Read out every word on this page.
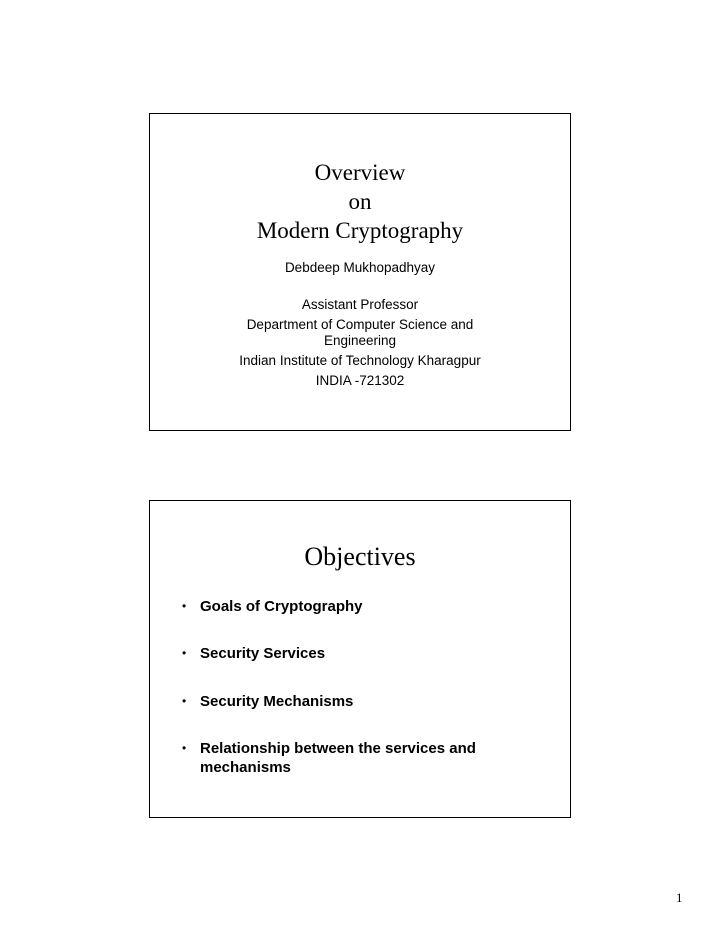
Overview
on
Modern Cryptography
Debdeep Mukhopadhyay
Assistant Professor
Department of Computer Science and
Engineering
Indian Institute of Technology Kharagpur
INDIA -721302
Objectives
• Goals of Cryptography
• Security Services
• Security Mechanisms
• Relationship between the services and mechanisms
1
